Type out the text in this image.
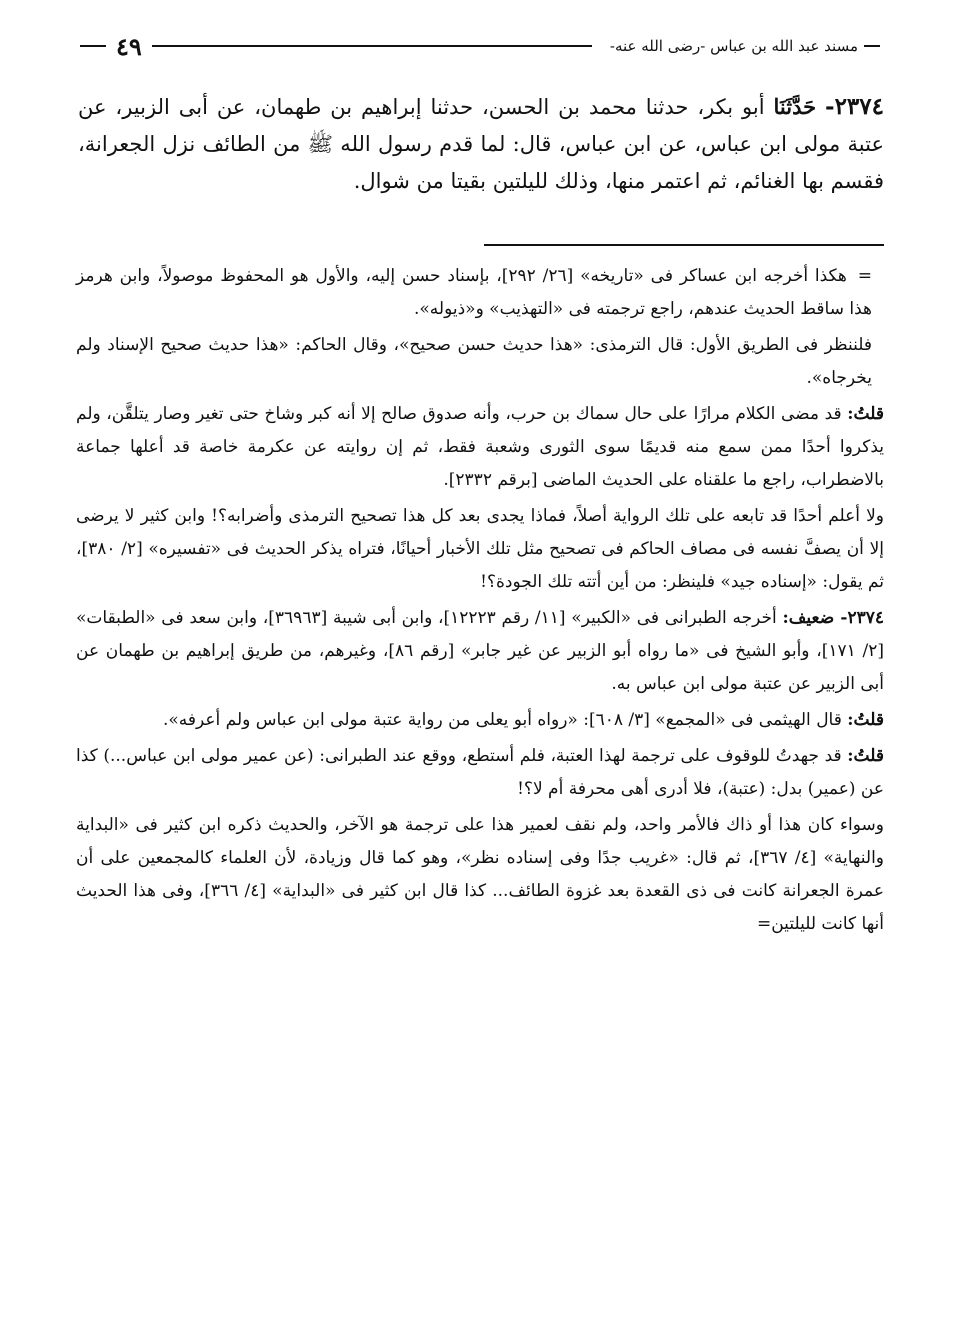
مسند عبد الله بن عباس -رضى الله عنه-
٤٩
٢٣٧٤- حَدَّثَنَا أبو بكر، حدثنا محمد بن الحسن، حدثنا إبراهيم بن طهمان، عن أبى الزبير، عن عتبة مولى ابن عباس، عن ابن عباس، قال: لما قدم رسول الله ﷺ من الطائف نزل الجعرانة، فقسم بها الغنائم، ثم اعتمر منها، وذلك لليلتين بقيتا من شوال.

= هكذا أخرجه ابن عساكر فى «تاريخه» [٢٦/ ٢٩٢]، بإسناد حسن إليه، والأول هو المحفوظ موصولاً، وابن هرمز هذا ساقط الحديث عندهم، راجع ترجمته فى «التهذيب» و«ذيوله».

فلننظر فى الطريق الأول: قال الترمذى: «هذا حديث حسن صحيح»، وقال الحاكم: «هذا حديث صحيح الإسناد ولم يخرجاه».

قلتُ: قد مضى الكلام مرارًا على حال سماك بن حرب، وأنه صدوق صالح إلا أنه كبر وشاخ حتى تغير وصار يتلقَّن، ولم يذكروا أحدًا ممن سمع منه قديمًا سوى الثورى وشعبة فقط، ثم إن روايته عن عكرمة خاصة قد أعلها جماعة بالاضطراب، راجع ما علقناه على الحديث الماضى [برقم ٢٣٣٢].

ولا أعلم أحدًا قد تابعه على تلك الرواية أصلاً، فماذا يجدى بعد كل هذا تصحيح الترمذى وأضرابه؟! وابن كثير لا يرضى إلا أن يصفَّ نفسه فى مصاف الحاكم فى تصحيح مثل تلك الأخبار أحيانًا، فتراه يذكر الحديث فى «تفسيره» [٢/ ٣٨٠]، ثم يقول: «إسناده جيد» فلينظر: من أين أتته تلك الجودة؟!

٢٣٧٤- ضعيف: أخرجه الطبرانى فى «الكبير» [١١/ رقم ١٢٢٢٣]، وابن أبى شيبة [٣٦٩٦٣]، وابن سعد فى «الطبقات» [٢/ ١٧١]، وأبو الشيخ فى «ما رواه أبو الزبير عن غير جابر» [رقم ٨٦]، وغيرهم، من طريق إبراهيم بن طهمان عن أبى الزبير عن عتبة مولى ابن عباس به.

قلتُ: قال الهيثمى فى «المجمع» [٣/ ٦٠٨]: «رواه أبو يعلى من رواية عتبة مولى ابن عباس ولم أعرفه».

قلتُ: قد جهدتُ للوقوف على ترجمة لهذا العتبة، فلم أستطع، ووقع عند الطبرانى: (عن عمير مولى ابن عباس...) كذا عن (عمير) بدل: (عتبة)، فلا أدرى أهى محرفة أم لا؟!

وسواء كان هذا أو ذاك فالأمر واحد، ولم نقف لعمير هذا على ترجمة هو الآخر، والحديث ذكره ابن كثير فى «البداية والنهاية» [٤/ ٣٦٧]، ثم قال: «غريب جدًا وفى إسناده نظر»، وهو كما قال وزيادة، لأن العلماء كالمجمعين على أن عمرة الجعرانة كانت فى ذى القعدة بعد غزوة الطائف... كذا قال ابن كثير فى «البداية» [٤/ ٣٦٦]، وفى هذا الحديث أنها كانت لليلتين=
